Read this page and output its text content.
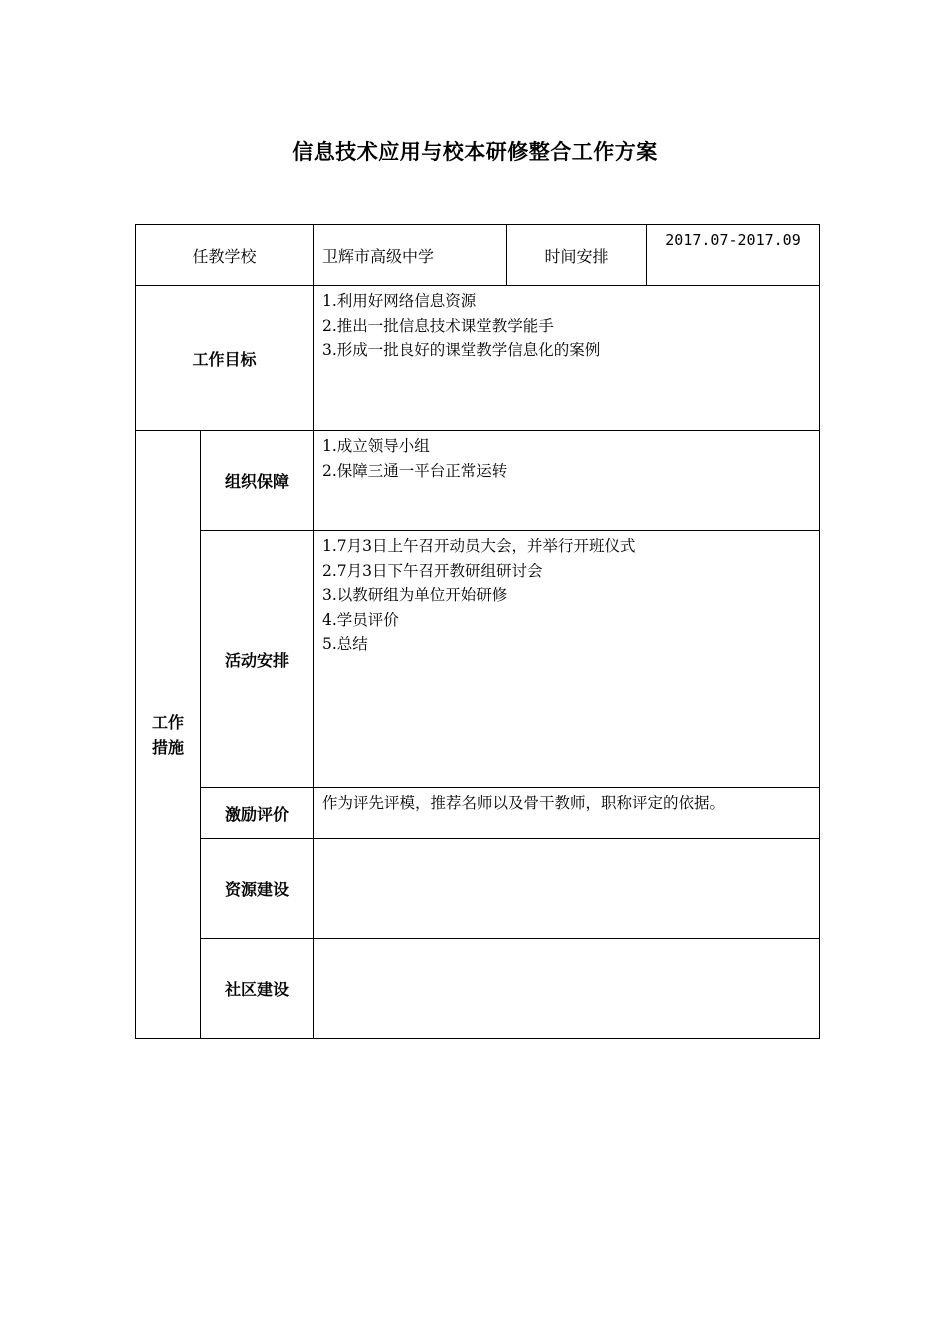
信息技术应用与校本研修整合工作方案
任教学校		卫辉市高级中学	时间安排	2017.07-2017.09
工作目标		1.利用好网络信息资源
2.推出一批信息技术课堂教学能手
3.形成一批良好的课堂教学信息化的案例		

工作
措施	组织保障	1.成立领导小组
2.保障三通一平台正常运转		

	活动安排	1.7月3日上午召开动员大会，并举行开班仪式
2.7月3日下午召开教研组研讨会
3.以教研组为单位开始研修
4.学员评价
5.总结		

	激励评价	作为评先评模，推荐名师以及骨干教师，职称评定的依据。		
	资源建设			
	社区建设			
